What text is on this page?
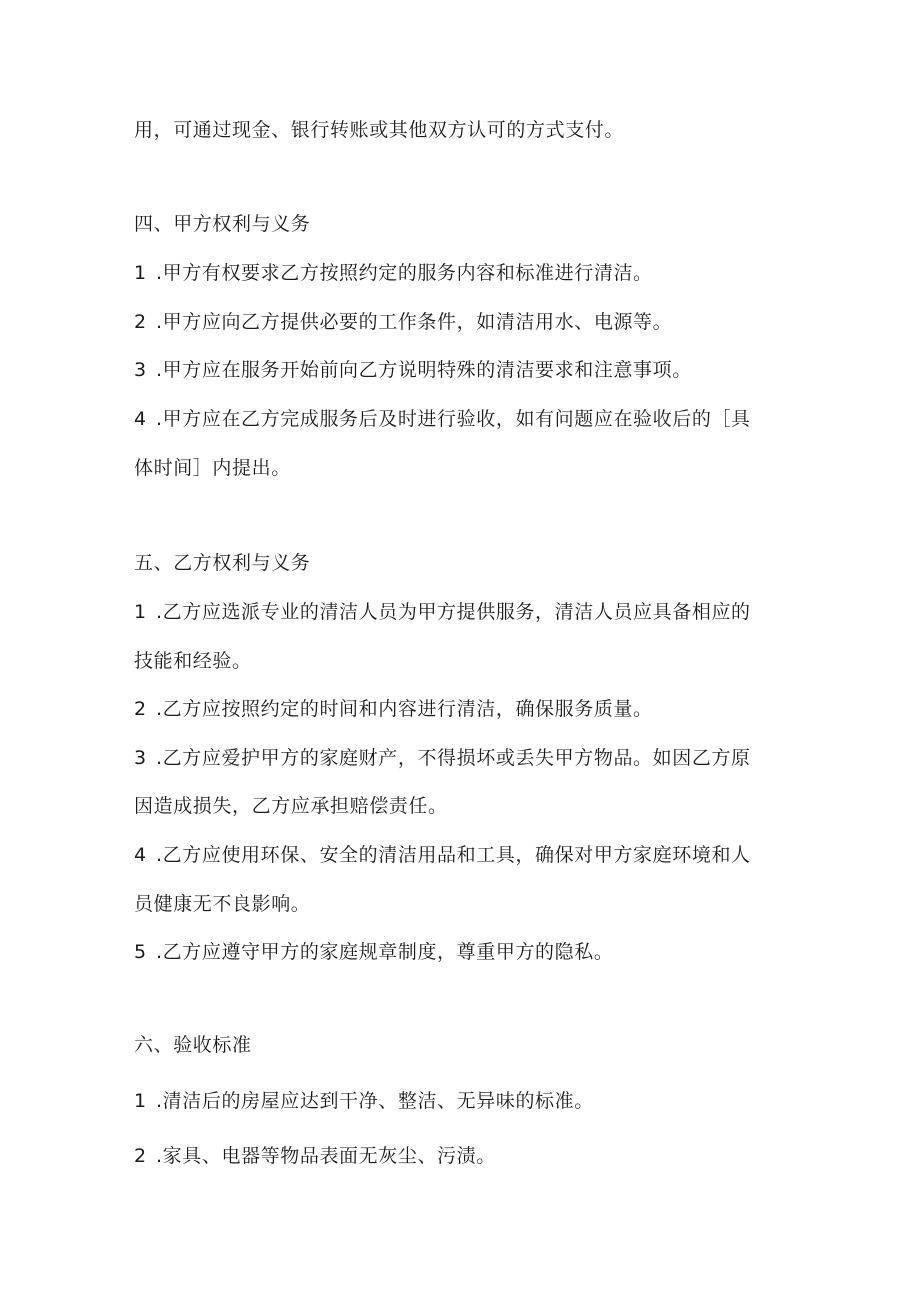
用，可通过现金、银行转账或其他双方认可的方式支付。
四、甲方权利与义务
1 .甲方有权要求乙方按照约定的服务内容和标准进行清洁。
2 .甲方应向乙方提供必要的工作条件，如清洁用水、电源等。
3 .甲方应在服务开始前向乙方说明特殊的清洁要求和注意事项。
4 .甲方应在乙方完成服务后及时进行验收，如有问题应在验收后的［具
体时间］内提出。
五、乙方权利与义务
1 .乙方应选派专业的清洁人员为甲方提供服务，清洁人员应具备相应的
技能和经验。
2 .乙方应按照约定的时间和内容进行清洁，确保服务质量。
3 .乙方应爱护甲方的家庭财产，不得损坏或丢失甲方物品。如因乙方原
因造成损失，乙方应承担赔偿责任。
4 .乙方应使用环保、安全的清洁用品和工具，确保对甲方家庭环境和人
员健康无不良影响。
5 .乙方应遵守甲方的家庭规章制度，尊重甲方的隐私。
六、验收标准
1 .清洁后的房屋应达到干净、整洁、无异味的标准。
2 .家具、电器等物品表面无灰尘、污渍。
